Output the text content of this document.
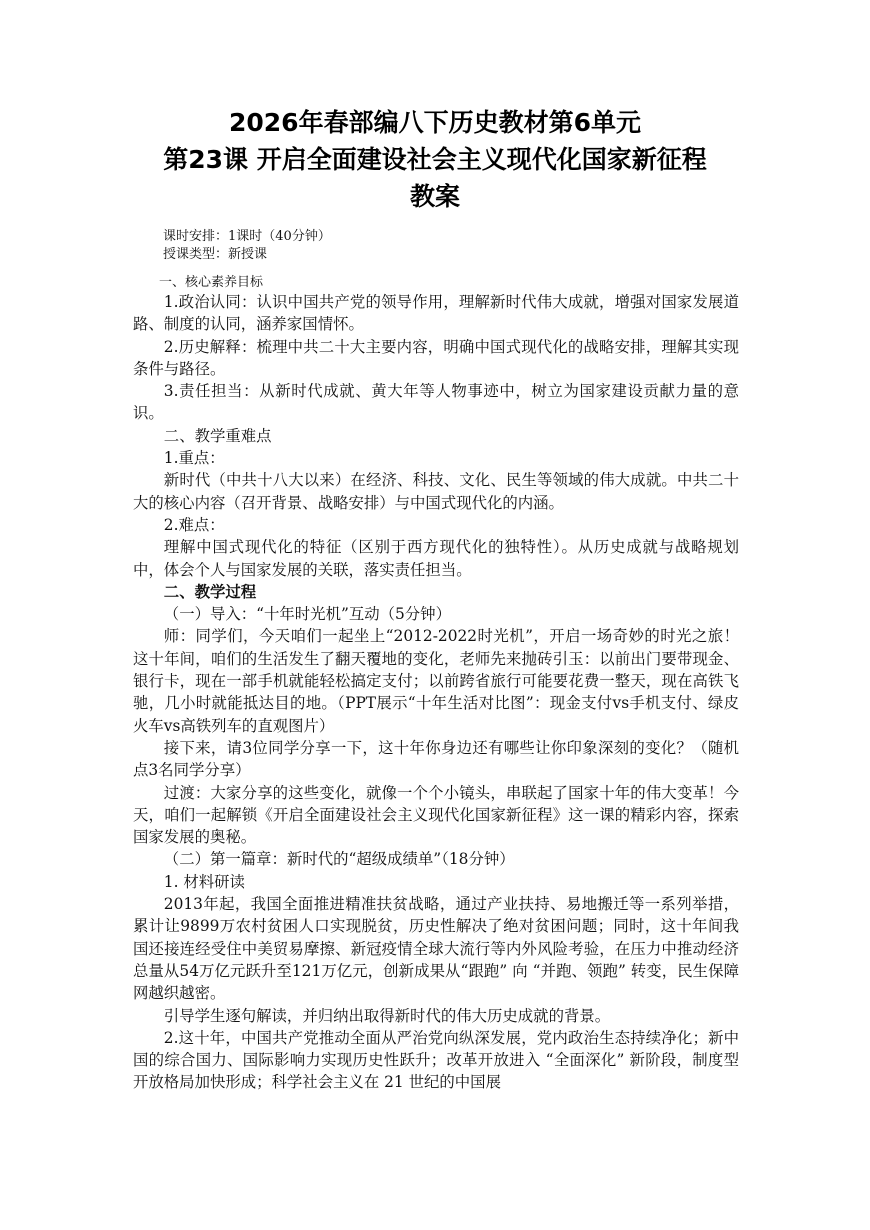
2026年春部编八下历史教材第6单元
第23课 开启全面建设社会主义现代化国家新征程
教案
课时安排：1课时（40分钟）
授课类型：新授课

一、核心素养目标

1.政治认同：认识中国共产党的领导作用，理解新时代伟大成就，增强对国家发展道路、制度的认同，涵养家国情怀。

2.历史解释：梳理中共二十大主要内容，明确中国式现代化的战略安排，理解其实现条件与路径。

3.责任担当：从新时代成就、黄大年等人物事迹中，树立为国家建设贡献力量的意识。

二、教学重难点

1.重点：

新时代（中共十八大以来）在经济、科技、文化、民生等领域的伟大成就。中共二十大的核心内容（召开背景、战略安排）与中国式现代化的内涵。

2.难点：

理解中国式现代化的特征（区别于西方现代化的独特性）。从历史成就与战略规划中，体会个人与国家发展的关联，落实责任担当。

二、教学过程

（一）导入：“十年时光机”互动（5分钟）

师：同学们，今天咱们一起坐上“2012-2022时光机”，开启一场奇妙的时光之旅！这十年间，咱们的生活发生了翻天覆地的变化，老师先来抛砖引玉：以前出门要带现金、银行卡，现在一部手机就能轻松搞定支付；以前跨省旅行可能要花费一整天，现在高铁飞驰，几小时就能抵达目的地。（PPT展示“十年生活对比图”：现金支付vs手机支付、绿皮火车vs高铁列车的直观图片）

接下来，请3位同学分享一下，这十年你身边还有哪些让你印象深刻的变化？（随机点3名同学分享）

过渡：大家分享的这些变化，就像一个个小镜头，串联起了国家十年的伟大变革！今天，咱们一起解锁《开启全面建设社会主义现代化国家新征程》这一课的精彩内容，探索国家发展的奥秘。

（二）第一篇章：新时代的“超级成绩单”（18分钟）

1. 材料研读

2013年起，我国全面推进精准扶贫战略，通过产业扶持、易地搬迁等一系列举措，累计让9899万农村贫困人口实现脱贫，历史性解决了绝对贫困问题；同时，这十年间我国还接连经受住中美贸易摩擦、新冠疫情全球大流行等内外风险考验，在压力中推动经济总量从54万亿元跃升至121万亿元，创新成果从“跟跑” 向 “并跑、领跑” 转变，民生保障网越织越密。

引导学生逐句解读，并归纳出取得新时代的伟大历史成就的背景。

2.这十年，中国共产党推动全面从严治党向纵深发展，党内政治生态持续净化；新中国的综合国力、国际影响力实现历史性跃升；改革开放进入 “全面深化” 新阶段，制度型开放格局加快形成；科学社会主义在 21 世纪的中国展
